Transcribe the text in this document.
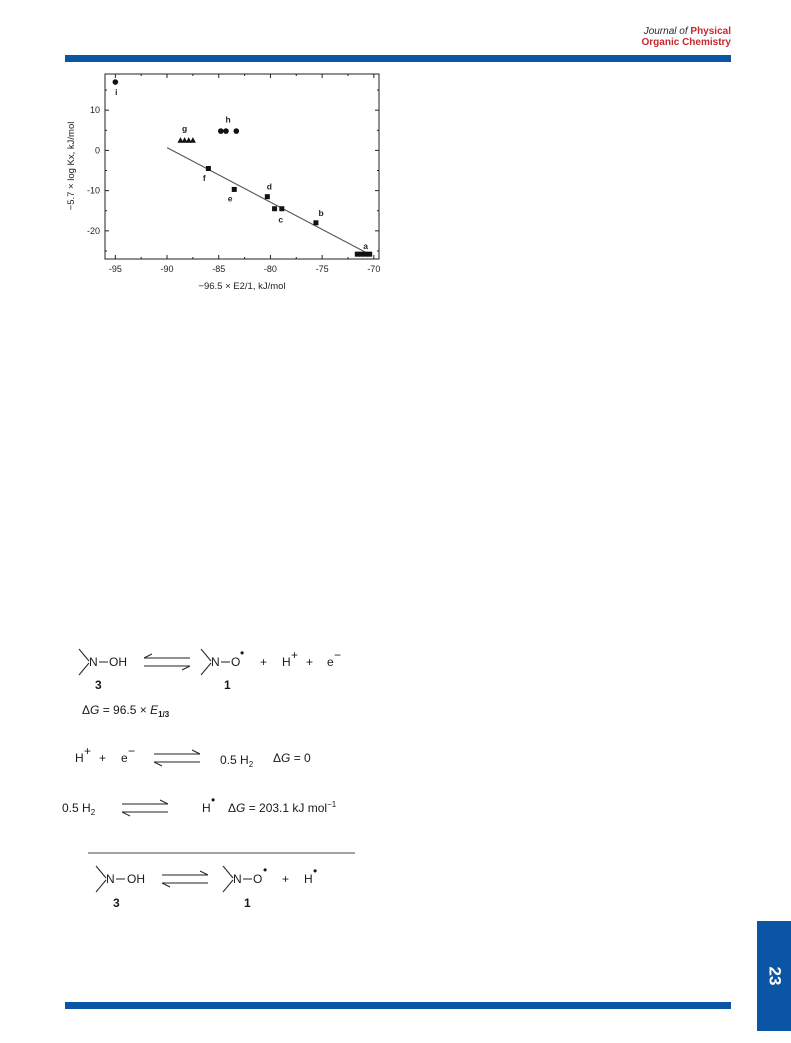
Journal of Physical
Organic Chemistry
-95	-90	-85	-80	-75	-70
-20
-10
0
10
a
b
c
d
e
f
g
h
i
−96.5 × E2/1, kJ/mol
−5.7 × log Kx, kJ/mol
N OH	N O
•
+ H + + e −
3	1
$\Delta G = 96.5 \times E_{1/3}$
H + + e −
0.5 $H_2$ ΔG = 0
0.5 $H_2$	H
•
ΔG = 203.1 kJ mol$^{-1}$
N OH	N O
•
+ H
•
3	1
23
